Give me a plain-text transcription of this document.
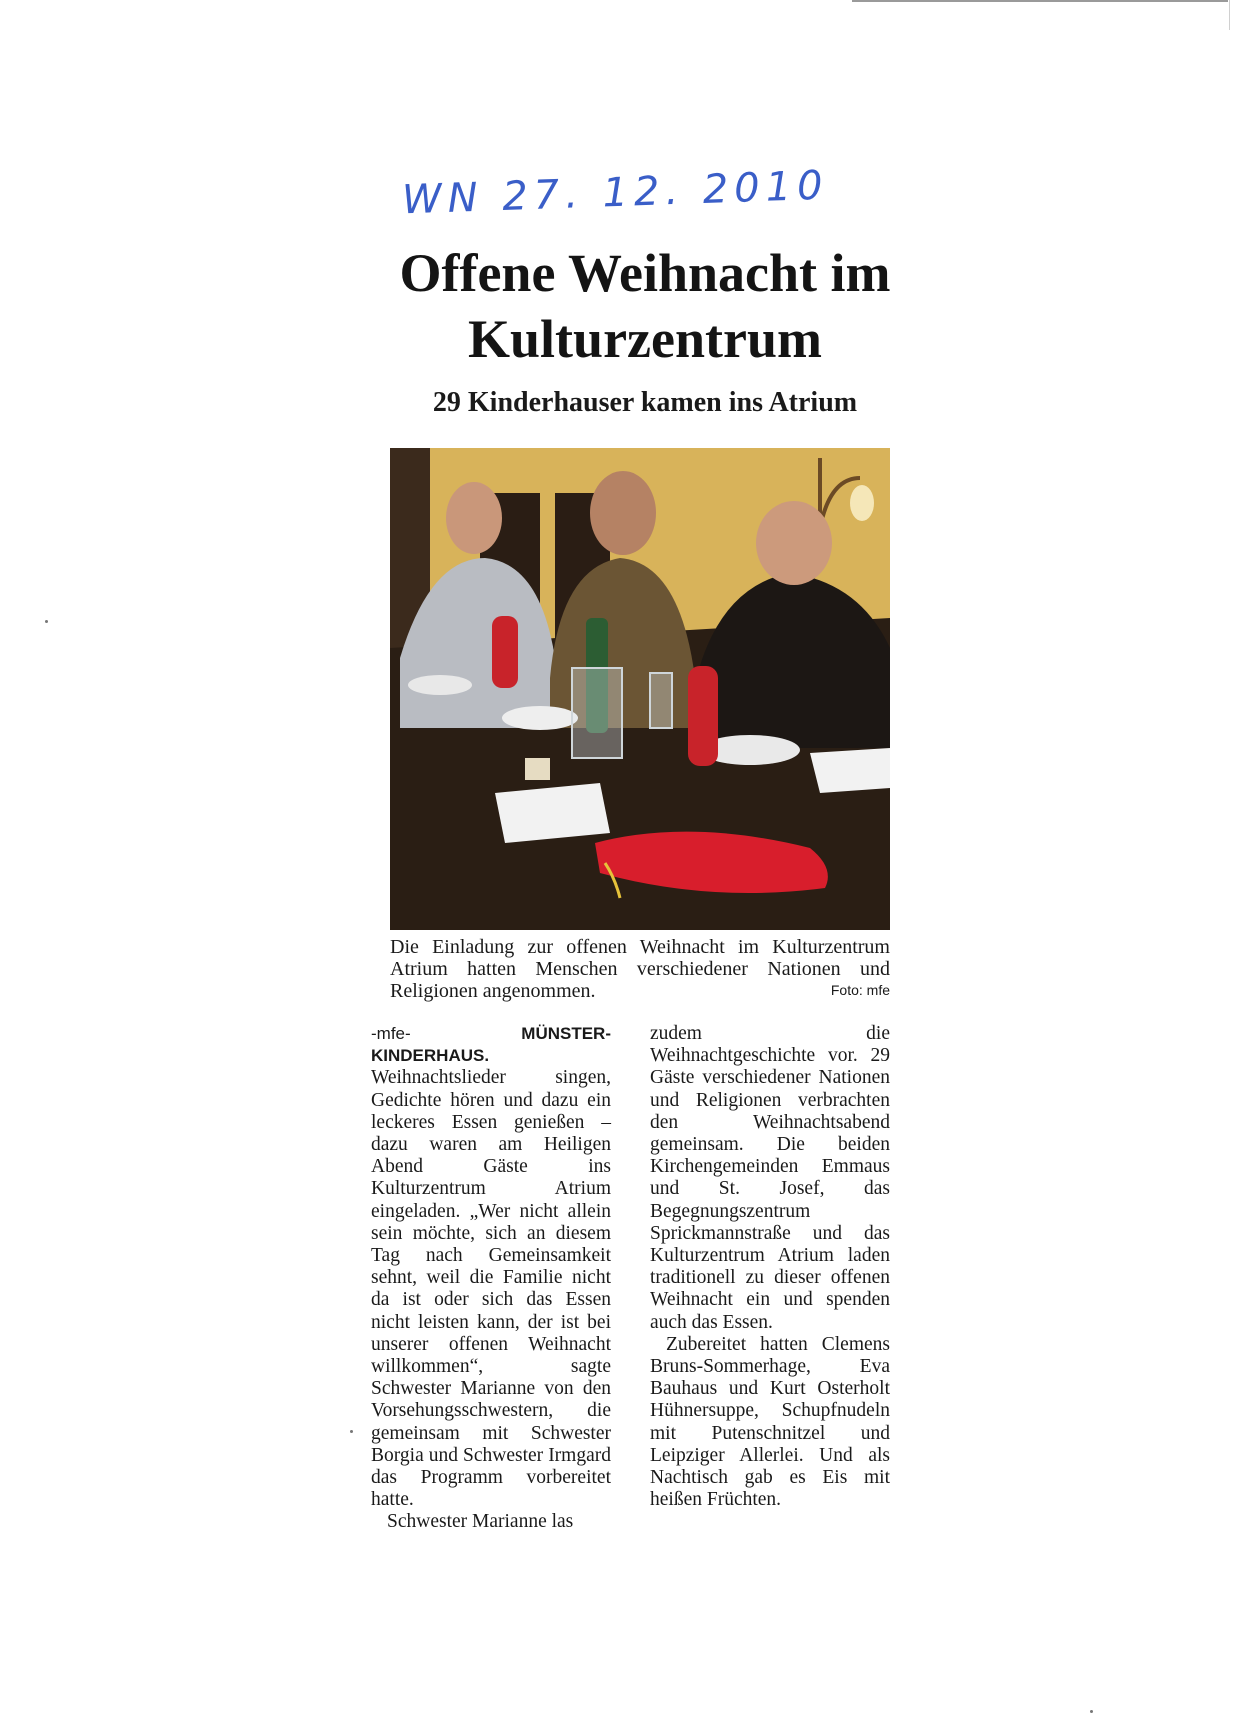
WN 27. 12. 2010
Offene Weihnacht im Kulturzentrum
29 Kinderhauser kamen ins Atrium

Die Einladung zur offenen Weihnacht im Kulturzentrum Atrium hatten Menschen verschiedener Nationen und Religionen angenommen.	Foto: mfe

-mfe-	MÜNSTER-KINDERHAUS. Weihnachtslieder singen, Gedichte hören und dazu ein leckeres Essen genießen – dazu waren am Heiligen Abend Gäste ins Kulturzentrum Atrium eingeladen. „Wer nicht allein sein möchte, sich an diesem Tag nach Gemeinsamkeit sehnt, weil die Familie nicht da ist oder sich das Essen nicht leisten kann, der ist bei unserer offenen Weihnacht willkommen“, sagte Schwester Marianne von den Vorsehungsschwestern, die gemeinsam mit Schwester Borgia und Schwester Irmgard das Programm vorbereitet hatte.

Schwester Marianne las

zudem die Weihnachtgeschichte vor. 29 Gäste verschiedener Nationen und Religionen verbrachten den Weihnachtsabend gemeinsam. Die beiden Kirchengemeinden Emmaus und St. Josef, das Begegnungszentrum Sprickmannstraße und das Kulturzentrum Atrium laden traditionell zu dieser offenen Weihnacht ein und spenden auch das Essen.

Zubereitet hatten Clemens Bruns-Sommerhage, Eva Bauhaus und Kurt Osterholt Hühnersuppe, Schupfnudeln mit Putenschnitzel und Leipziger Allerlei. Und als Nachtisch gab es Eis mit heißen Früchten.
